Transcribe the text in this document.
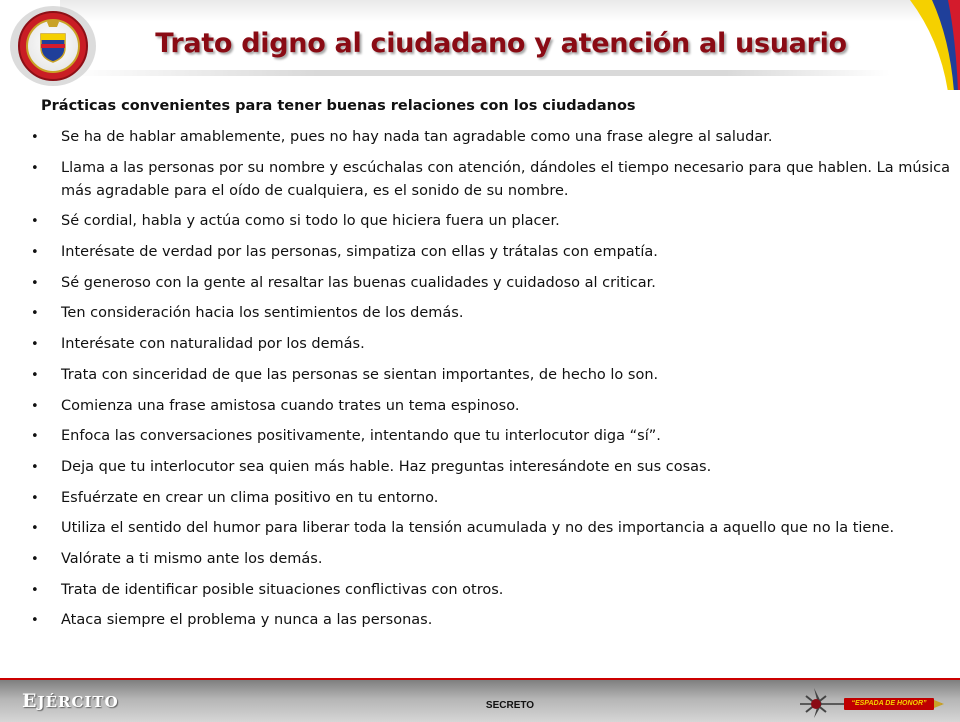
Trato digno al ciudadano y atención al usuario
Prácticas convenientes para tener buenas relaciones con los ciudadanos
• Se ha de hablar amablemente, pues no hay nada tan agradable como una frase alegre al saludar.
• Llama a las personas por su nombre y escúchalas con atención, dándoles el tiempo necesario para que hablen. La música más agradable para el oído de cualquiera, es el sonido de su nombre.
• Sé cordial, habla y actúa como si todo lo que hiciera fuera un placer.
• Interésate de verdad por las personas, simpatiza con ellas y trátalas con empatía.
• Sé generoso con la gente al resaltar las buenas cualidades y cuidadoso al criticar.
• Ten consideración hacia los sentimientos de los demás.
• Interésate con naturalidad por los demás.
• Trata con sinceridad de que las personas se sientan importantes, de hecho lo son.
• Comienza una frase amistosa cuando trates un tema espinoso.
• Enfoca las conversaciones positivamente, intentando que tu interlocutor diga “sí”.
• Deja que tu interlocutor sea quien más hable. Haz preguntas interesándote en sus cosas.
• Esfuérzate en crear un clima positivo en tu entorno.
• Utiliza el sentido del humor para liberar toda la tensión acumulada y no des importancia a aquello que no la tiene.
• Valórate a ti mismo ante los demás.
• Trata de identificar posible situaciones conflictivas con otros.
• Ataca siempre el problema y nunca a las personas.
EJÉRCITO	SECRETO	“ESPADA DE HONOR”
